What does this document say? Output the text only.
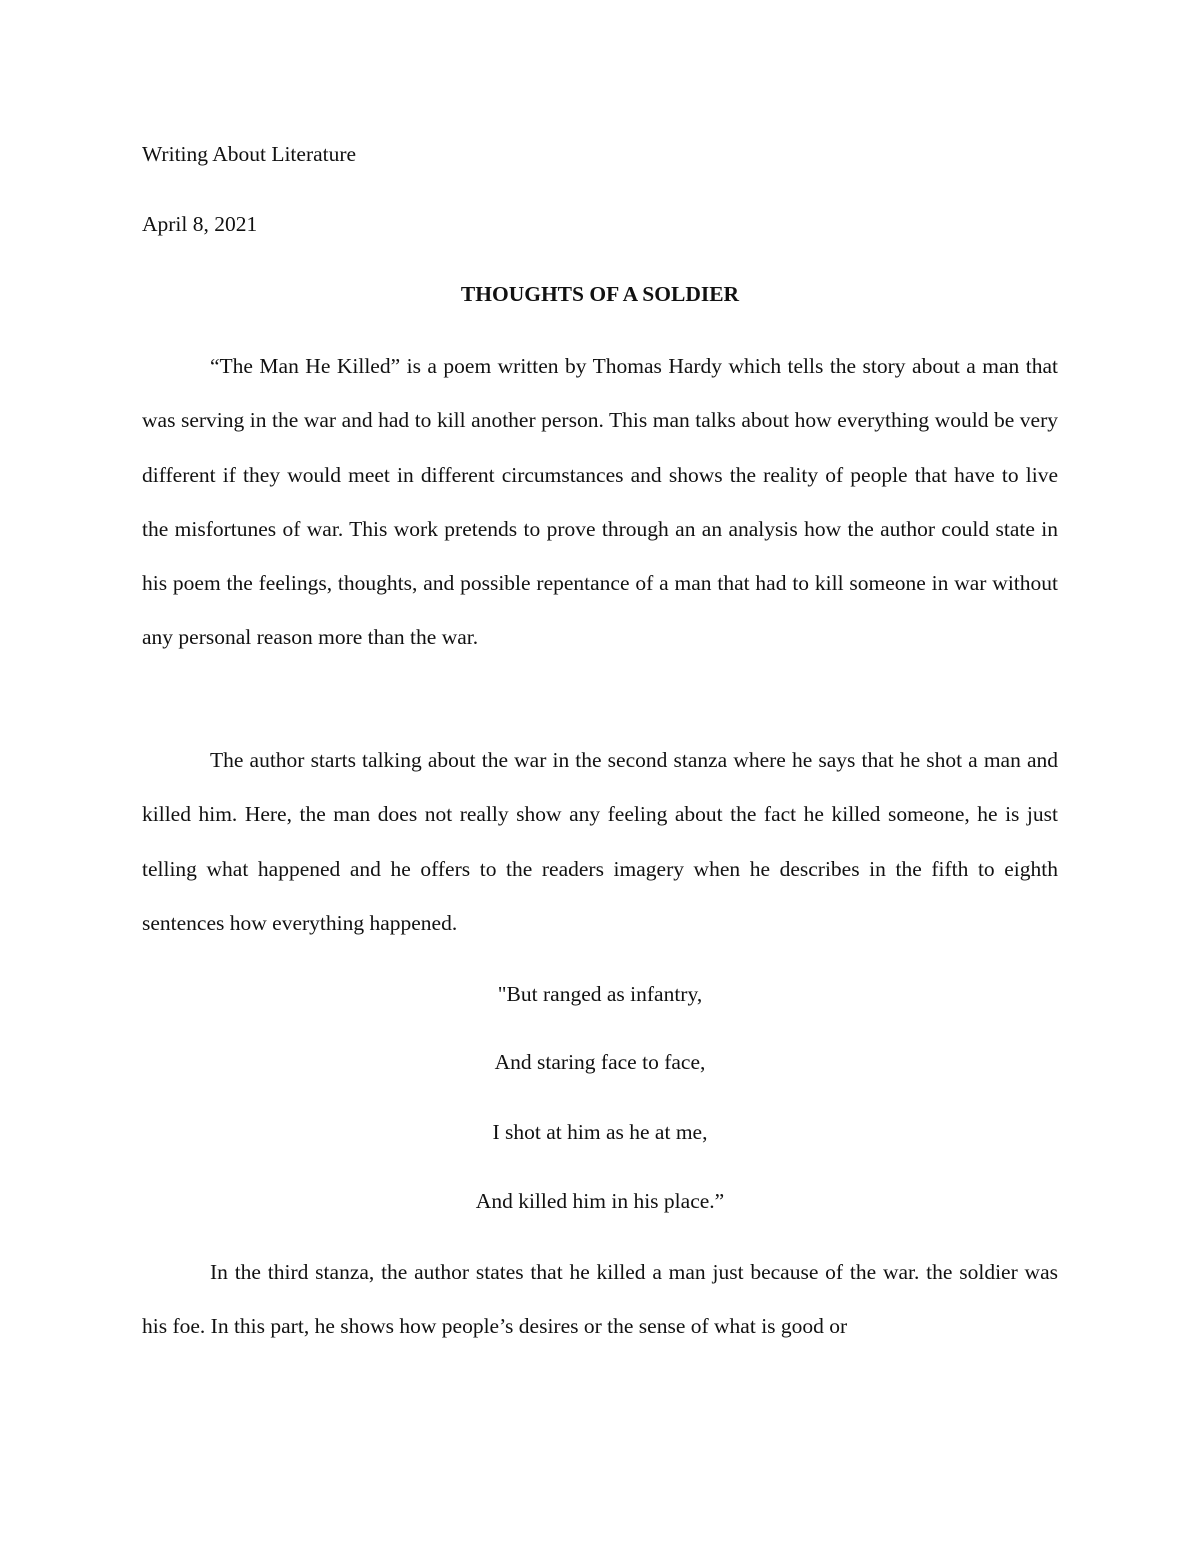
Writing About Literature
April 8, 2021
THOUGHTS OF A SOLDIER

“The Man He Killed” is a poem written by Thomas Hardy which tells the story about a man that was serving in the war and had to kill another person. This man talks about how everything would be very different if they would meet in different circumstances and shows the reality of people that have to live the misfortunes of war. This work pretends to prove through an an analysis how the author could state in his poem the feelings, thoughts, and possible repentance of a man that had to kill someone in war without any personal reason more than the war.

The author starts talking about the war in the second stanza where he says that he shot a man and killed him. Here, the man does not really show any feeling about the fact he killed someone, he is just telling what happened and he offers to the readers imagery when he describes in the fifth to eighth sentences how everything happened.

"But ranged as infantry,
And staring face to face,
I shot at him as he at me,
And killed him in his place.”

In the third stanza, the author states that he killed a man just because of the war. the soldier was his foe. In this part, he shows how people’s desires or the sense of what is good or
